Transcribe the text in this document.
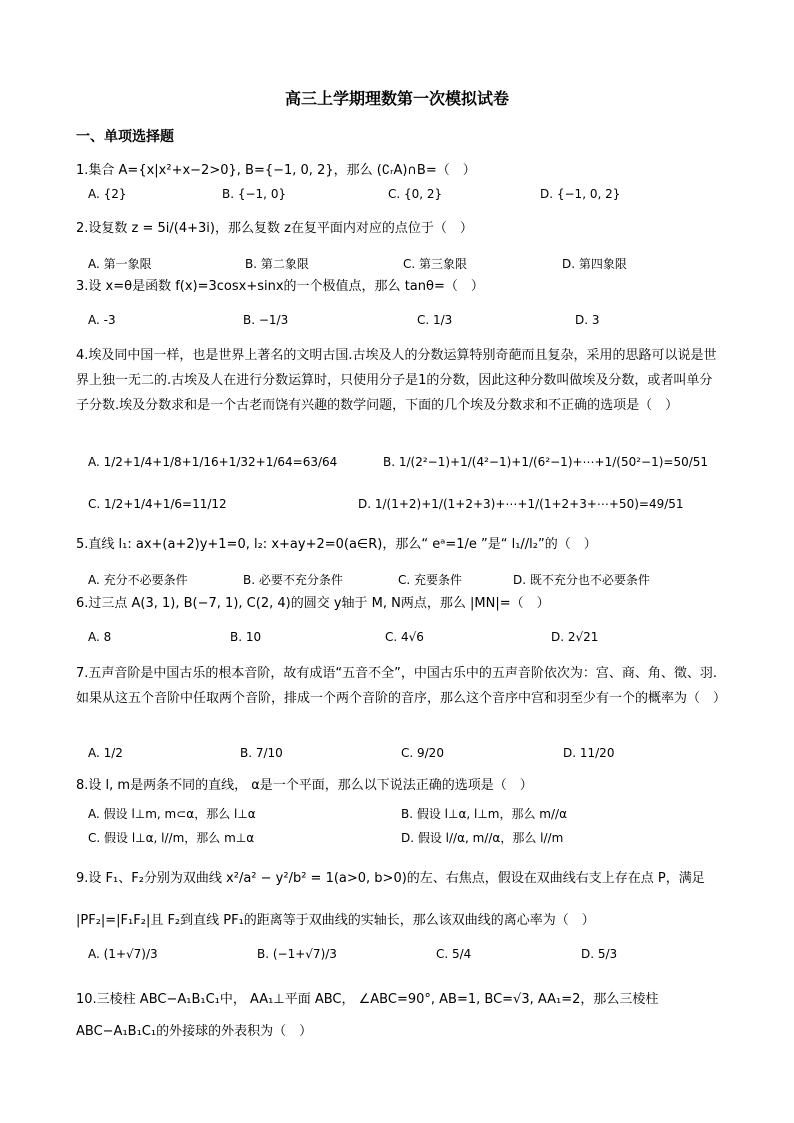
高三上学期理数第一次模拟试卷
一、单项选择题
1.集合 A={x|x²+x−2>0}, B={−1, 0, 2}，那么 (∁ᵣA)∩B=（　）
A. {2}	B. {−1, 0}	C. {0, 2}	D. {−1, 0, 2}
2.设复数 z = 5i/(4+3i)，那么复数 z在复平面内对应的点位于（　）
A. 第一象限	B. 第二象限	C. 第三象限	D. 第四象限
3.设 x=θ是函数 f(x)=3cosx+sinx的一个极值点，那么 tanθ=（　）
A. -3	B. −1/3	C. 1/3	D. 3
4.埃及同中国一样，也是世界上著名的文明古国.古埃及人的分数运算特别奇葩而且复杂，采用的思路可以说是世界上独一无二的.古埃及人在进行分数运算时，只使用分子是1的分数，因此这种分数叫做埃及分数，或者叫单分子分数.埃及分数求和是一个古老而饶有兴趣的数学问题，下面的几个埃及分数求和不正确的选项是（　）
A. 1/2+1/4+1/8+1/16+1/32+1/64=63/64	B. 1/(2²−1)+1/(4²−1)+1/(6²−1)+⋯+1/(50²−1)=50/51
C. 1/2+1/4+1/6=11/12	D. 1/(1+2)+1/(1+2+3)+⋯+1/(1+2+3+⋯+50)=49/51
5.直线 l₁: ax+(a+2)y+1=0, l₂: x+ay+2=0(a∈R)，那么“ eᵃ=1/e ”是“ l₁//l₂”的（　）
A. 充分不必要条件	B. 必要不充分条件	C. 充要条件	D. 既不充分也不必要条件
6.过三点 A(3, 1), B(−7, 1), C(2, 4)的圆交 y轴于 M, N两点，那么 |MN|=（　）
A. 8	B. 10	C. 4√6	D. 2√21
7.五声音阶是中国古乐的根本音阶，故有成语“五音不全”，中国古乐中的五声音阶依次为：宫、商、角、徵、羽.如果从这五个音阶中任取两个音阶，排成一个两个音阶的音序，那么这个音序中宫和羽至少有一个的概率为（　）
A. 1/2	B. 7/10	C. 9/20	D. 11/20
8.设 l, m是两条不同的直线， α是一个平面，那么以下说法正确的选项是（　）
A. 假设 l⊥m, m⊂α，那么 l⊥α	B. 假设 l⊥α, l⊥m，那么 m//α
C. 假设 l⊥α, l//m，那么 m⊥α	D. 假设 l//α, m//α，那么 l//m
9.设 F₁、F₂分别为双曲线 x²/a² − y²/b² = 1(a>0, b>0)的左、右焦点，假设在双曲线右支上存在点 P，满足 |PF₂|=|F₁F₂|且 F₂到直线 PF₁的距离等于双曲线的实轴长，那么该双曲线的离心率为（　）
A. (1+√7)/3	B. (−1+√7)/3	C. 5/4	D. 5/3
10.三棱柱 ABC−A₁B₁C₁中， AA₁⊥平面 ABC， ∠ABC=90°, AB=1, BC=√3, AA₁=2，那么三棱柱 ABC−A₁B₁C₁的外接球的外表积为（　）
